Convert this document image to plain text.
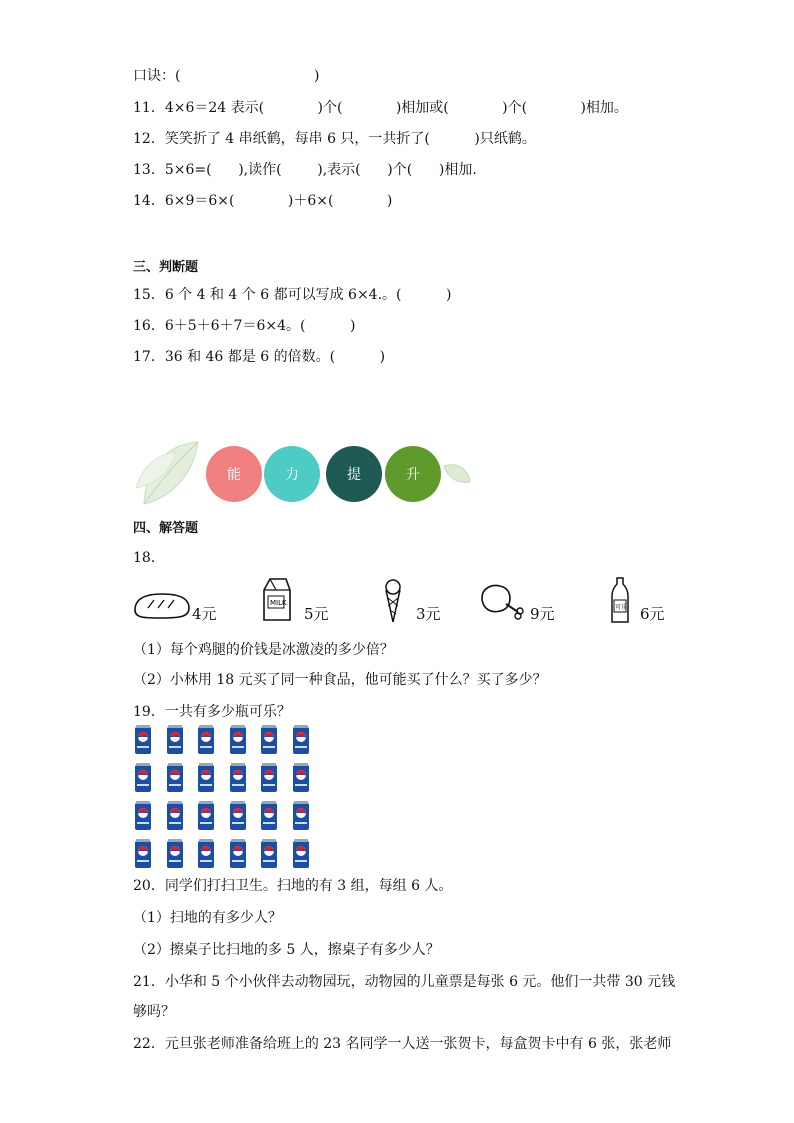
口诀：(                              )
11．4×6＝24 表示(            )个(            )相加或(            )个(            )相加。
12．笑笑折了 4 串纸鹤，每串 6 只，一共折了(          )只纸鹤。
13．5×6=(      ),读作(        ),表示(      )个(      )相加.
14．6×9＝6×(            )＋6×(            )
三、判断题
15．6 个 4 和 4 个 6 都可以写成 6×4.。(          )
16．6＋5＋6＋7＝6×4。(          )
17．36 和 46 都是 6 的倍数。(          )
能	力	提	升
四、解答题
18．
4元
MILK
5元	3元	9元	可乐 6元
（1）每个鸡腿的价钱是冰激凌的多少倍？
（2）小林用 18 元买了同一种食品，他可能买了什么？买了多少？
19．一共有多少瓶可乐？
20．同学们打扫卫生。扫地的有 3 组，每组 6 人。
（1）扫地的有多少人？
（2）擦桌子比扫地的多 5 人，擦桌子有多少人？
21．小华和 5 个小伙伴去动物园玩，动物园的儿童票是每张 6 元。他们一共带 30 元钱
够吗？
22．元旦张老师准备给班上的 23 名同学一人送一张贺卡，每盒贺卡中有 6 张，张老师
